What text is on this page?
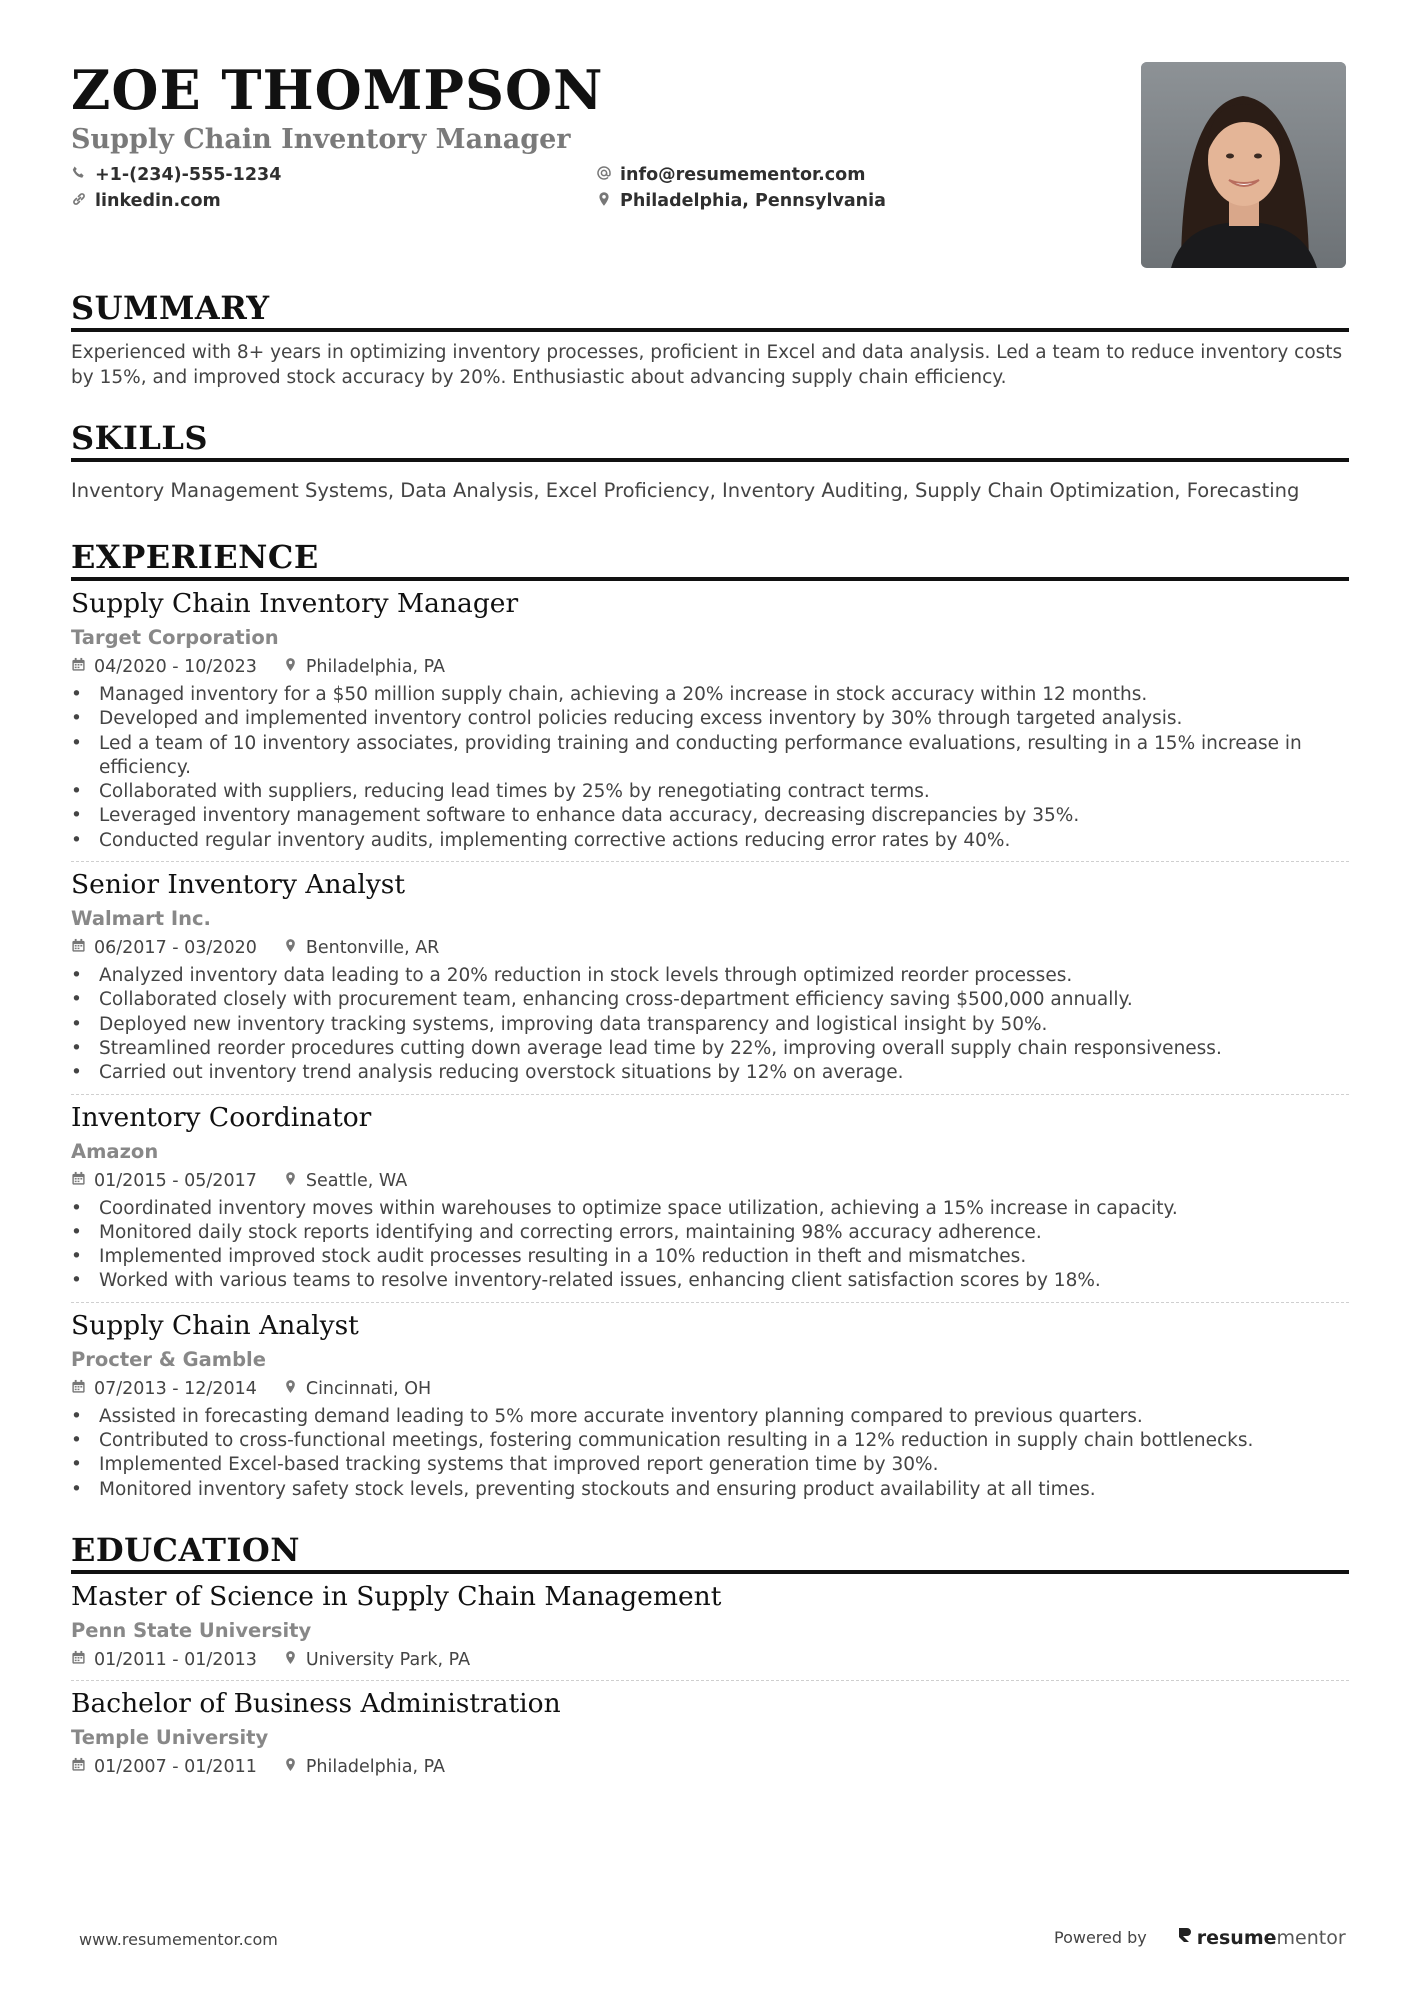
ZOE THOMPSON
Supply Chain Inventory Manager
+1-(234)-555-1234
linkedin.com
info@resumementor.com
Philadelphia, Pennsylvania
SUMMARY

Experienced with 8+ years in optimizing inventory processes, proficient in Excel and data analysis. Led a team to reduce inventory costs by 15%, and improved stock accuracy by 20%. Enthusiastic about advancing supply chain efficiency.

SKILLS

Inventory Management Systems, Data Analysis, Excel Proficiency, Inventory Auditing, Supply Chain Optimization, Forecasting

EXPERIENCE
Supply Chain Inventory Manager
Target Corporation
04/2020 - 10/2023	Philadelphia, PA
• Managed inventory for a $50 million supply chain, achieving a 20% increase in stock accuracy within 12 months.
• Developed and implemented inventory control policies reducing excess inventory by 30% through targeted analysis.
• Led a team of 10 inventory associates, providing training and conducting performance evaluations, resulting in a 15% increase in efficiency.
• Collaborated with suppliers, reducing lead times by 25% by renegotiating contract terms.
• Leveraged inventory management software to enhance data accuracy, decreasing discrepancies by 35%.
• Conducted regular inventory audits, implementing corrective actions reducing error rates by 40%.
Senior Inventory Analyst
Walmart Inc.
06/2017 - 03/2020	Bentonville, AR
• Analyzed inventory data leading to a 20% reduction in stock levels through optimized reorder processes.
• Collaborated closely with procurement team, enhancing cross-department efficiency saving $500,000 annually.
• Deployed new inventory tracking systems, improving data transparency and logistical insight by 50%.
• Streamlined reorder procedures cutting down average lead time by 22%, improving overall supply chain responsiveness.
• Carried out inventory trend analysis reducing overstock situations by 12% on average.
Inventory Coordinator
Amazon
01/2015 - 05/2017	Seattle, WA
• Coordinated inventory moves within warehouses to optimize space utilization, achieving a 15% increase in capacity.
• Monitored daily stock reports identifying and correcting errors, maintaining 98% accuracy adherence.
• Implemented improved stock audit processes resulting in a 10% reduction in theft and mismatches.
• Worked with various teams to resolve inventory-related issues, enhancing client satisfaction scores by 18%.
Supply Chain Analyst
Procter & Gamble
07/2013 - 12/2014	Cincinnati, OH
• Assisted in forecasting demand leading to 5% more accurate inventory planning compared to previous quarters.
• Contributed to cross-functional meetings, fostering communication resulting in a 12% reduction in supply chain bottlenecks.
• Implemented Excel-based tracking systems that improved report generation time by 30%.
• Monitored inventory safety stock levels, preventing stockouts and ensuring product availability at all times.
EDUCATION
Master of Science in Supply Chain Management
Penn State University
01/2011 - 01/2013	University Park, PA
Bachelor of Business Administration
Temple University
01/2007 - 01/2011	Philadelphia, PA
www.resumementor.com	Powered by	resume mentor
